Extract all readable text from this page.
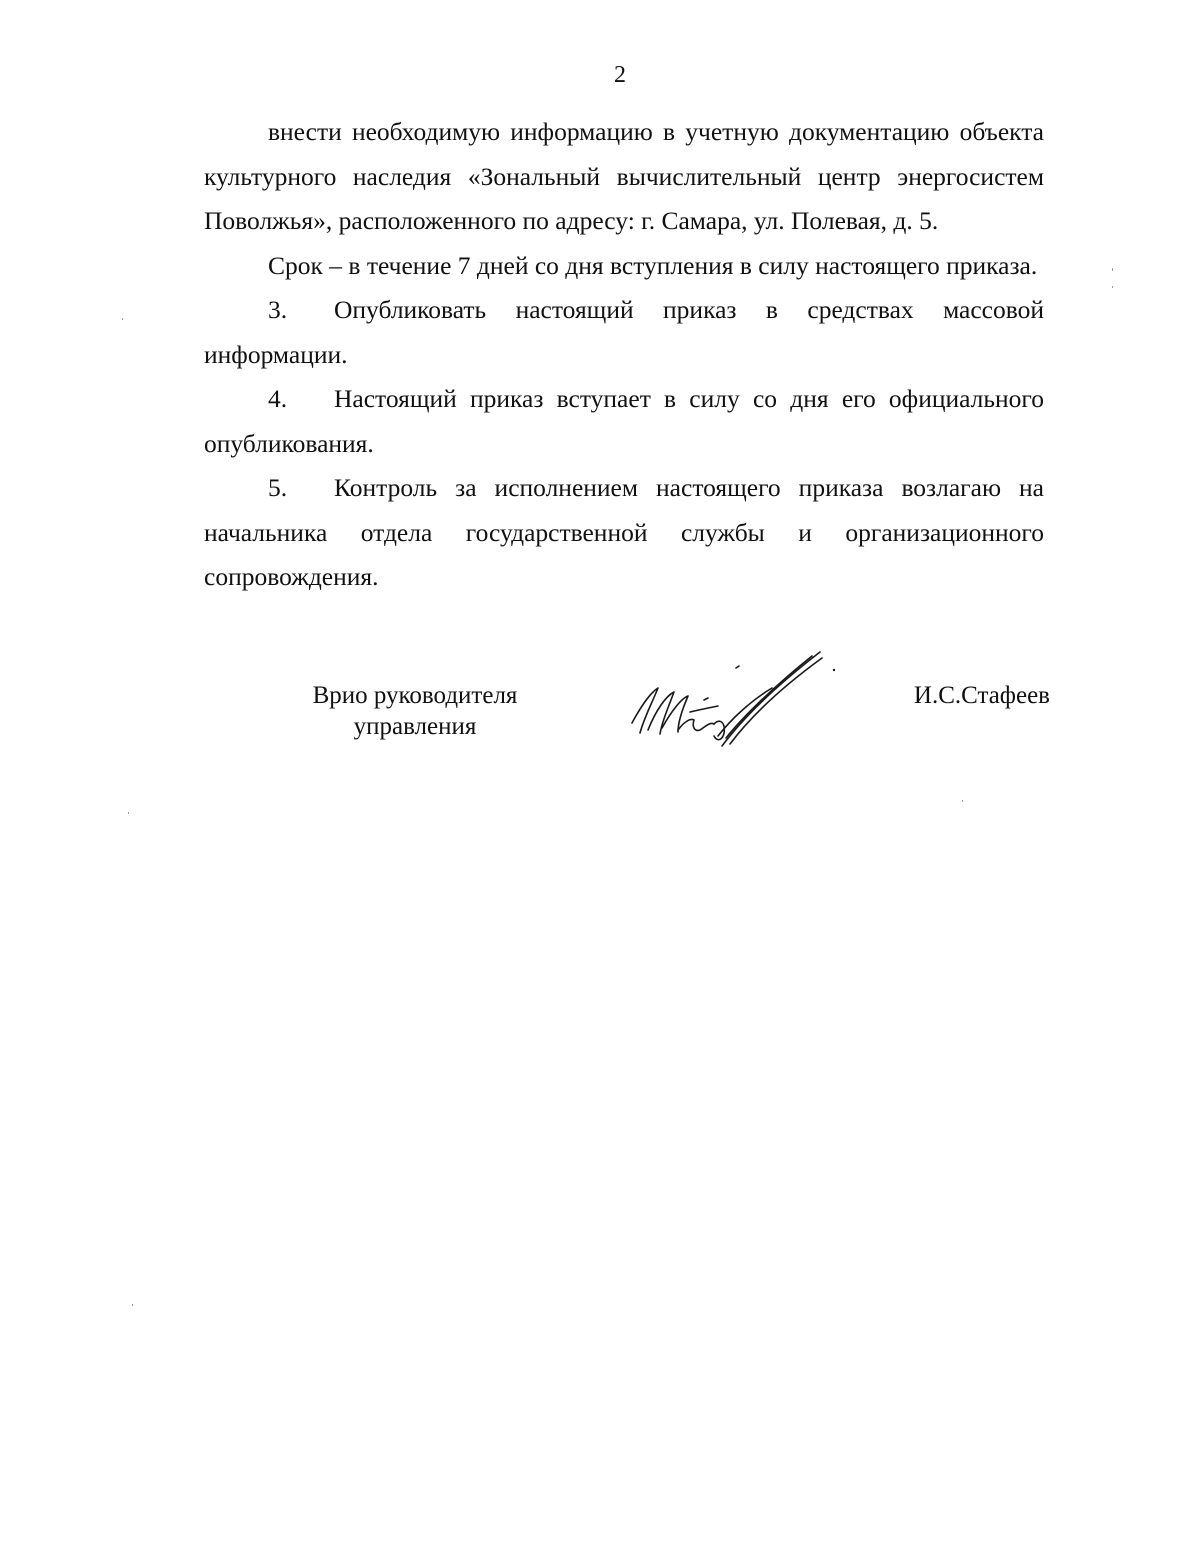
2

внести необходимую информацию в учетную документацию объекта культурного наследия «Зональный вычислительный центр энергосистем Поволжья», расположенного по адресу: г. Самара, ул. Полевая, д. 5.

Срок – в течение 7 дней со дня вступления в силу настоящего приказа.

3. Опубликовать настоящий приказ в средствах массовой информации.

4. Настоящий приказ вступает в силу со дня его официального опубликования.

5. Контроль за исполнением настоящего приказа возлагаю на начальника отдела государственной службы и организационного сопровождения.

Врио руководителя
управления
И.С.Стафеев
